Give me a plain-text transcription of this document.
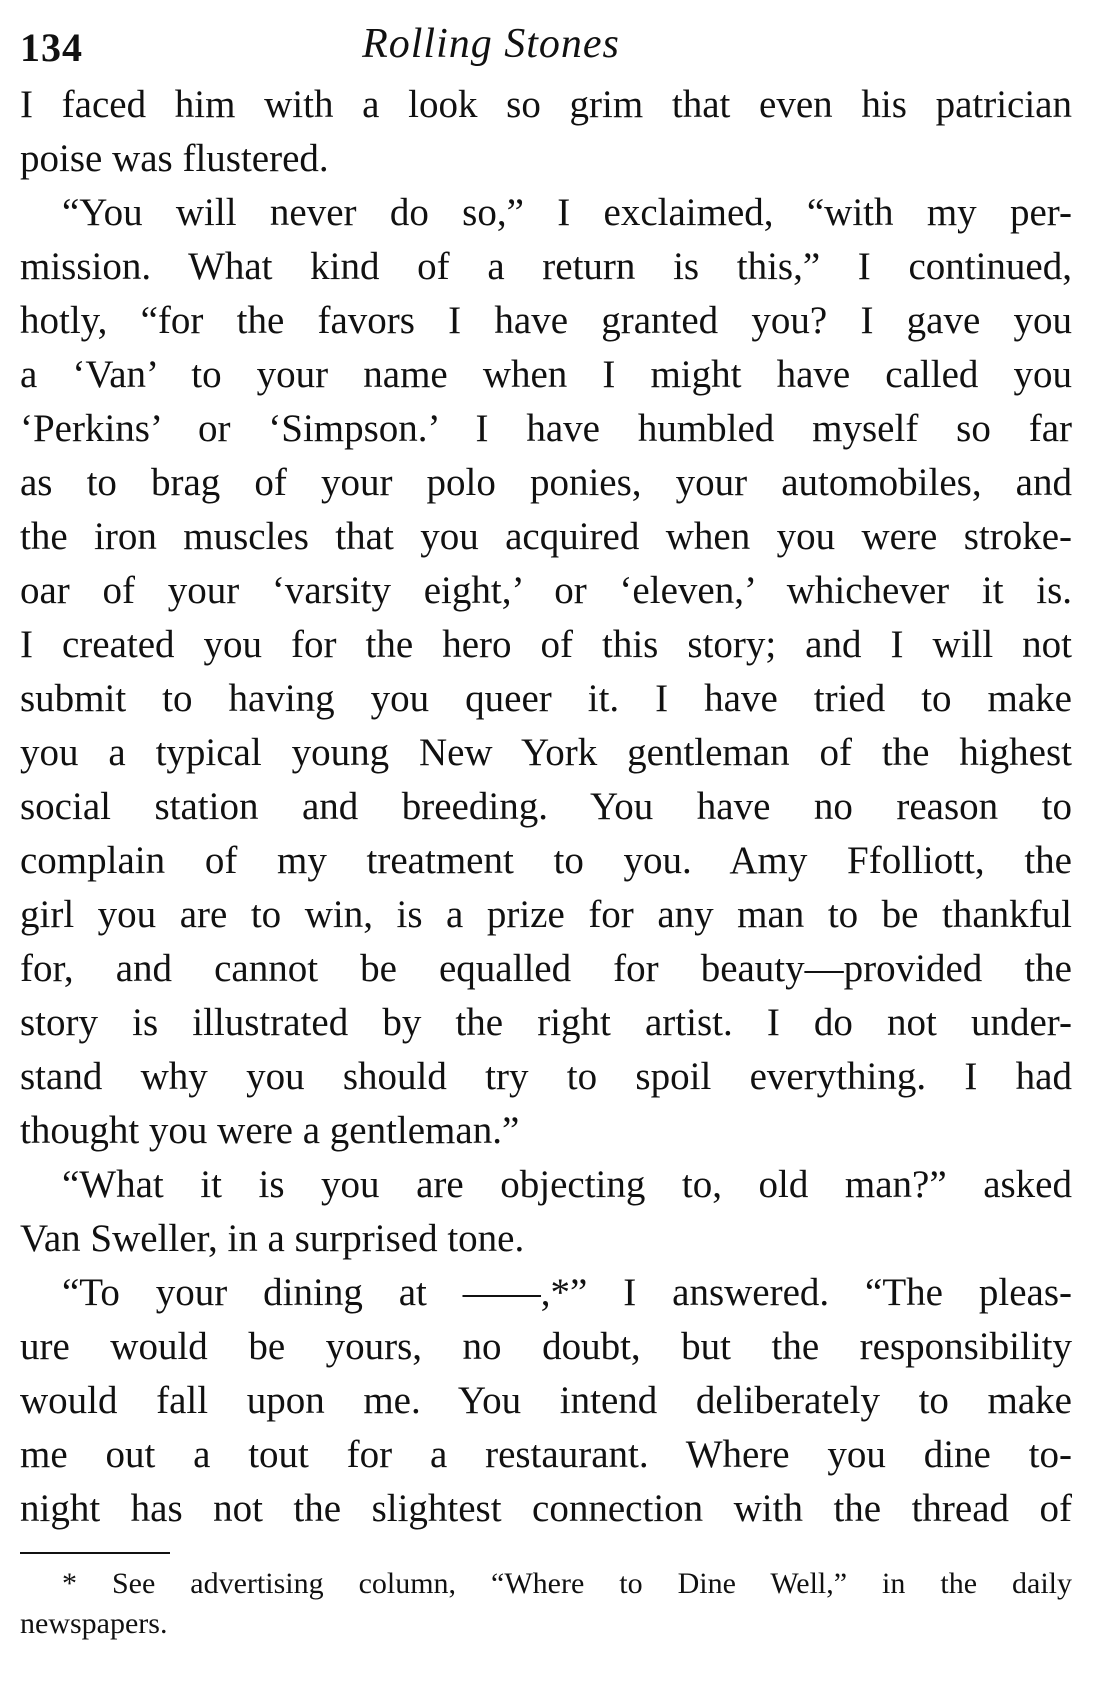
134	Rolling Stones
I faced him with a look so grim that even his patrician
poise was flustered.
“You will never do so,” I exclaimed, “with my per-
mission. What kind of a return is this,” I continued,
hotly, “for the favors I have granted you? I gave you
a ‘Van’ to your name when I might have called you
‘Perkins’ or ‘Simpson.’ I have humbled myself so far
as to brag of your polo ponies, your automobiles, and
the iron muscles that you acquired when you were stroke-
oar of your ‘varsity eight,’ or ‘eleven,’ whichever it is.
I created you for the hero of this story; and I will not
submit to having you queer it. I have tried to make
you a typical young New York gentleman of the highest
social station and breeding. You have no reason to
complain of my treatment to you. Amy Ffolliott, the
girl you are to win, is a prize for any man to be thankful
for, and cannot be equalled for beauty—provided the
story is illustrated by the right artist. I do not under-
stand why you should try to spoil everything. I had
thought you were a gentleman.”
“What it is you are objecting to, old man?” asked
Van Sweller, in a surprised tone.
“To your dining at ——,*” I answered. “The pleas-
ure would be yours, no doubt, but the responsibility
would fall upon me. You intend deliberately to make
me out a tout for a restaurant. Where you dine to-
night has not the slightest connection with the thread of
* See advertising column, “Where to Dine Well,” in the daily
newspapers.
